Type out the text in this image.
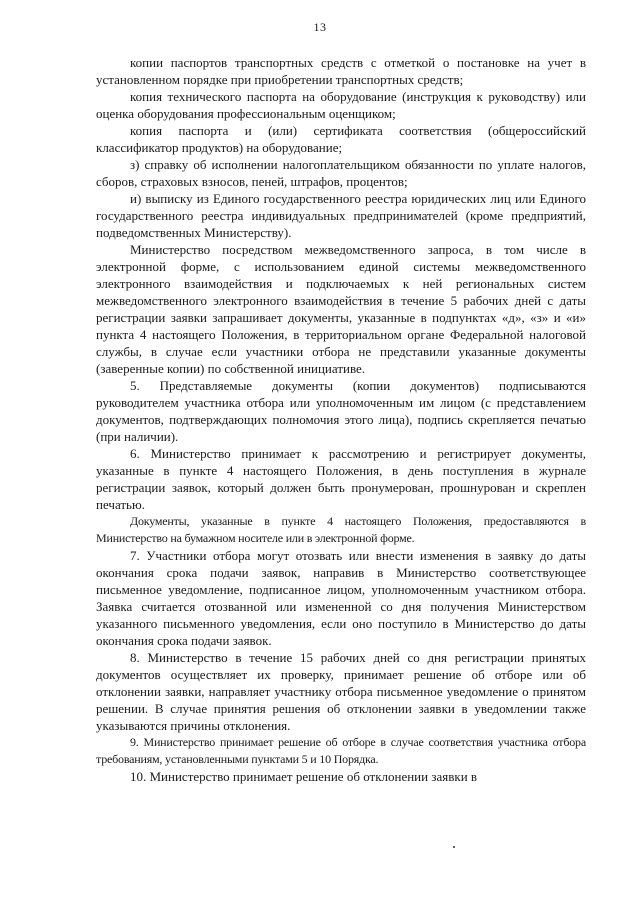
13

копии паспортов транспортных средств с отметкой о постановке на учет в установленном порядке при приобретении транспортных средств;

копия технического паспорта на оборудование (инструкция к руководству) или оценка оборудования профессиональным оценщиком;

копия паспорта и (или) сертификата соответствия (общероссийский классификатор продуктов) на оборудование;

з) справку об исполнении налогоплательщиком обязанности по уплате налогов, сборов, страховых взносов, пеней, штрафов, процентов;

и) выписку из Единого государственного реестра юридических лиц или Единого государственного реестра индивидуальных предпринимателей (кроме предприятий, подведомственных Министерству).

Министерство посредством межведомственного запроса, в том числе в электронной форме, с использованием единой системы межведомственного электронного взаимодействия и подключаемых к ней региональных систем межведомственного электронного взаимодействия в течение 5 рабочих дней с даты регистрации заявки запрашивает документы, указанные в подпунктах «д», «з» и «и» пункта 4 настоящего Положения, в территориальном органе Федеральной налоговой службы, в случае если участники отбора не представили указанные документы (заверенные копии) по собственной инициативе.

5. Представляемые документы (копии документов) подписываются руководителем участника отбора или уполномоченным им лицом (с представлением документов, подтверждающих полномочия этого лица), подпись скрепляется печатью (при наличии).

6. Министерство принимает к рассмотрению и регистрирует документы, указанные в пункте 4 настоящего Положения, в день поступления в журнале регистрации заявок, который должен быть пронумерован, прошнурован и скреплен печатью.

Документы, указанные в пункте 4 настоящего Положения, предоставляются в Министерство на бумажном носителе или в электронной форме.

7. Участники отбора могут отозвать или внести изменения в заявку до даты окончания срока подачи заявок, направив в Министерство соответствующее письменное уведомление, подписанное лицом, уполномоченным участником отбора. Заявка считается отозванной или измененной со дня получения Министерством указанного письменного уведомления, если оно поступило в Министерство до даты окончания срока подачи заявок.

8. Министерство в течение 15 рабочих дней со дня регистрации принятых документов осуществляет их проверку, принимает решение об отборе или об отклонении заявки, направляет участнику отбора письменное уведомление о принятом решении. В случае принятия решения об отклонении заявки в уведомлении также указываются причины отклонения.

9. Министерство принимает решение об отборе в случае соответствия участника отбора требованиям, установленными пунктами 5 и 10 Порядка.

10. Министерство принимает решение об отклонении заявки в
